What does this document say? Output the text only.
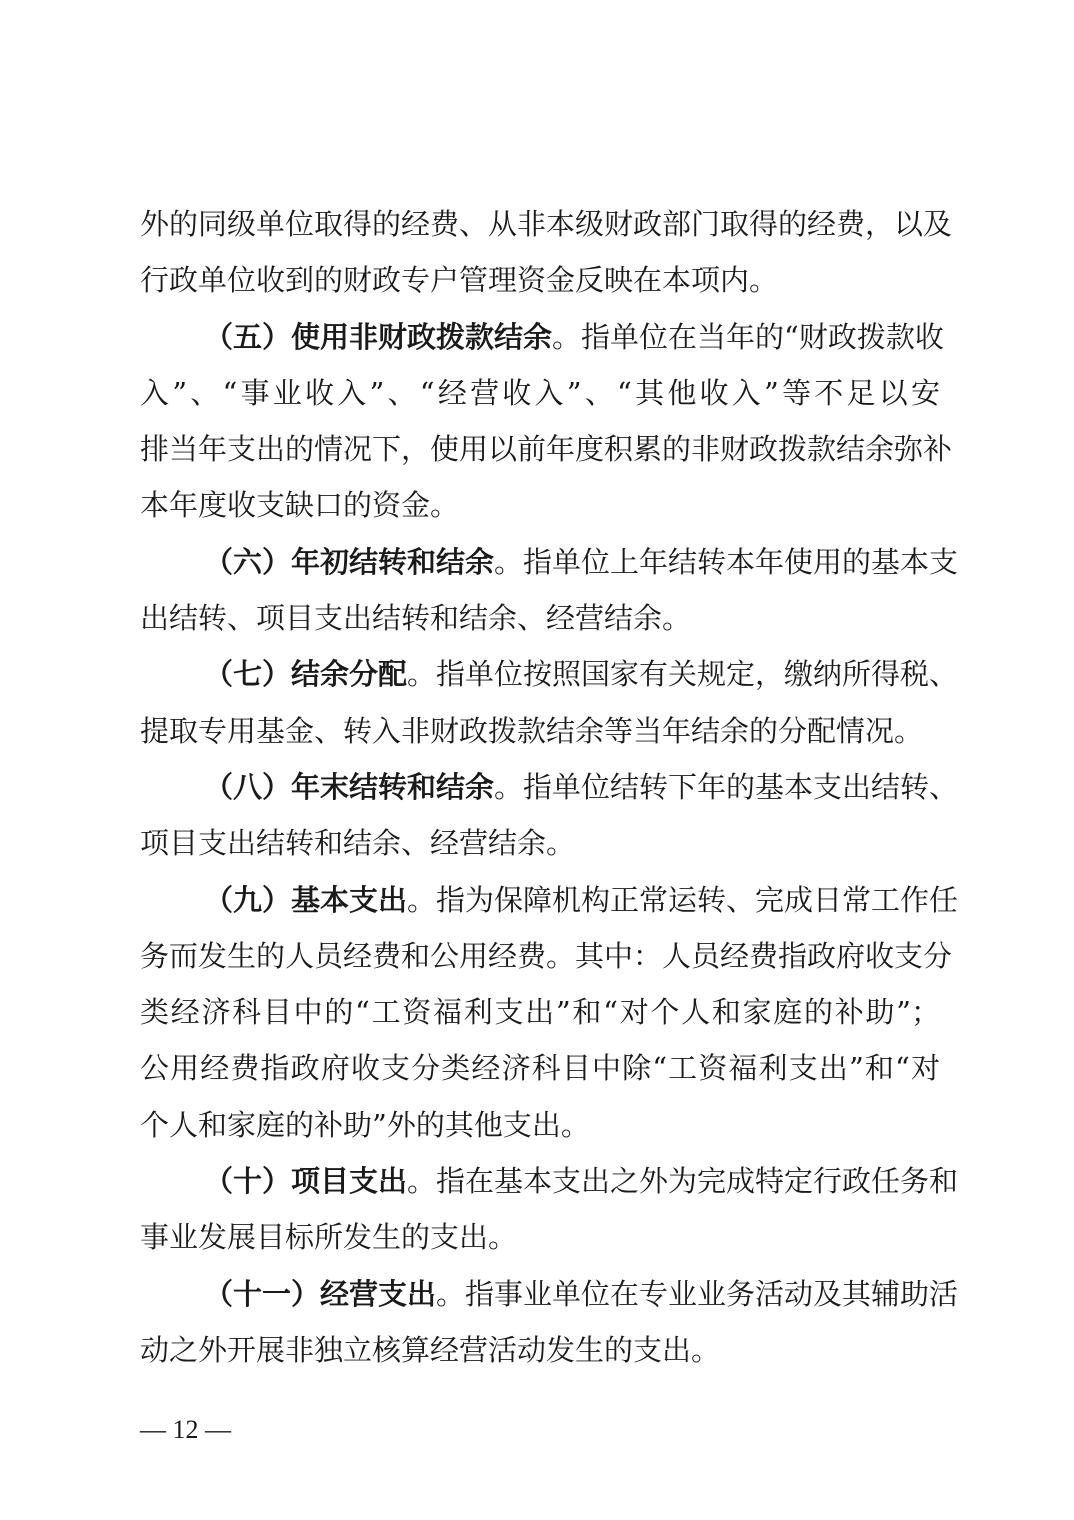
外的同级单位取得的经费、从非本级财政部门取得的经费，以及
行政单位收到的财政专户管理资金反映在本项内。
（五）使用非财政拨款结余。指单位在当年的“财政拨款收
入”、“事业收入”、“经营收入”、“其他收入”等不足以安
排当年支出的情况下，使用以前年度积累的非财政拨款结余弥补
本年度收支缺口的资金。
（六）年初结转和结余。指单位上年结转本年使用的基本支
出结转、项目支出结转和结余、经营结余。
（七）结余分配。指单位按照国家有关规定，缴纳所得税、
提取专用基金、转入非财政拨款结余等当年结余的分配情况。
（八）年末结转和结余。指单位结转下年的基本支出结转、
项目支出结转和结余、经营结余。
（九）基本支出。指为保障机构正常运转、完成日常工作任
务而发生的人员经费和公用经费。其中：人员经费指政府收支分
类经济科目中的“工资福利支出”和“对个人和家庭的补助”；
公用经费指政府收支分类经济科目中除“工资福利支出”和“对
个人和家庭的补助”外的其他支出。
（十）项目支出。指在基本支出之外为完成特定行政任务和
事业发展目标所发生的支出。
（十一）经营支出。指事业单位在专业业务活动及其辅助活
动之外开展非独立核算经营活动发生的支出。
— 12 —
